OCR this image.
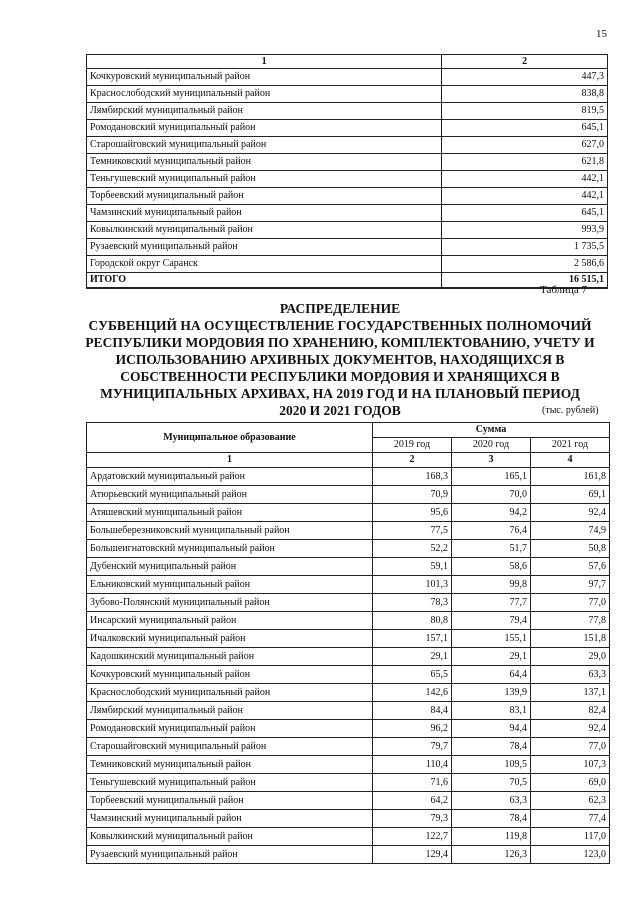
15
1	2
Кочкуровский муниципальный район	447,3
Краснослободский муниципальный район	838,8
Лямбирский муниципальный район	819,5
Ромодановский муниципальный район	645,1
Старошайговский муниципальный район	627,0
Темниковский муниципальный район	621,8
Теньгушевский муниципальный район	442,1
Торбеевский муниципальный район	442,1
Чамзинский муниципальный район	645,1
Ковылкинский муниципальный район	993,9
Рузаевский муниципальный район	1 735,5
Городской округ Саранск	2 586,6
ИТОГО	16 515,1
Таблица 7
РАСПРЕДЕЛЕНИЕ
СУБВЕНЦИЙ НА ОСУЩЕСТВЛЕНИЕ ГОСУДАРСТВЕННЫХ ПОЛНОМОЧИЙ
РЕСПУБЛИКИ МОРДОВИЯ ПО ХРАНЕНИЮ, КОМПЛЕКТОВАНИЮ, УЧЕТУ И
ИСПОЛЬЗОВАНИЮ АРХИВНЫХ ДОКУМЕНТОВ, НАХОДЯЩИХСЯ В
СОБСТВЕННОСТИ РЕСПУБЛИКИ МОРДОВИЯ И ХРАНЯЩИХСЯ В
МУНИЦИПАЛЬНЫХ АРХИВАХ, НА 2019 ГОД И НА ПЛАНОВЫЙ ПЕРИОД
2020 И 2021 ГОДОВ	(тыс. рублей)
Муниципальное образование	Сумма		
	2019 год	2020 год	2021 год
1	2	3	4
Ардатовский муниципальный район	168,3	165,1	161,8
Атюрьевский муниципальный район	70,9	70,0	69,1
Атяшевский муниципальный район	95,6	94,2	92,4
Большеберезниковский муниципальный район	77,5	76,4	74,9
Большеигнатовский муниципальный район	52,2	51,7	50,8
Дубенский муниципальный район	59,1	58,6	57,6
Ельниковский муниципальный район	101,3	99,8	97,7
Зубово-Полянский муниципальный район	78,3	77,7	77,0
Инсарский муниципальный район	80,8	79,4	77,8
Ичалковский муниципальный район	157,1	155,1	151,8
Кадошкинский муниципальный район	29,1	29,1	29,0
Кочкуровский муниципальный район	65,5	64,4	63,3
Краснослободский муниципальный район	142,6	139,9	137,1
Лямбирский муниципальный район	84,4	83,1	82,4
Ромодановский муниципальный район	96,2	94,4	92,4
Старошайговский муниципальный район	79,7	78,4	77,0
Темниковский муниципальный район	110,4	109,5	107,3
Теньгушевский муниципальный район	71,6	70,5	69,0
Торбеевский муниципальный район	64,2	63,3	62,3
Чамзинский муниципальный район	79,3	78,4	77,4
Ковылкинский муниципальный район	122,7	119,8	117,0
Рузаевский муниципальный район	129,4	126,3	123,0
